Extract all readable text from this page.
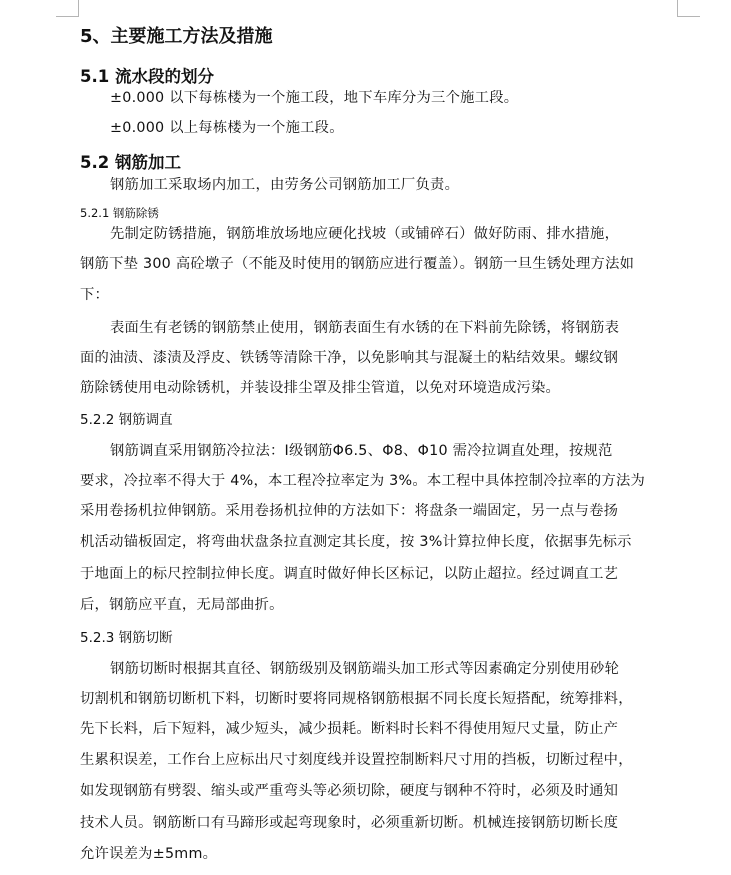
5、主要施工方法及措施
5.1 流水段的划分
±0.000 以下每栋楼为一个施工段，地下车库分为三个施工段。
±0.000 以上每栋楼为一个施工段。
5.2 钢筋加工
钢筋加工采取场内加工，由劳务公司钢筋加工厂负责。
5.2.1 钢筋除锈
先制定防锈措施，钢筋堆放场地应硬化找坡（或铺碎石）做好防雨、排水措施，
钢筋下垫 300 高砼墩子（不能及时使用的钢筋应进行覆盖）。钢筋一旦生锈处理方法如
下：
表面生有老锈的钢筋禁止使用，钢筋表面生有水锈的在下料前先除锈，将钢筋表
面的油渍、漆渍及浮皮、铁锈等清除干净，以免影响其与混凝土的粘结效果。螺纹钢
筋除锈使用电动除锈机，并装设排尘罩及排尘管道，以免对环境造成污染。
5.2.2 钢筋调直
钢筋调直采用钢筋冷拉法：Ⅰ级钢筋Φ6.5、Φ8、Φ10 需冷拉调直处理，按规范
要求，冷拉率不得大于 4%，本工程冷拉率定为 3%。本工程中具体控制冷拉率的方法为
采用卷扬机拉伸钢筋。采用卷扬机拉伸的方法如下：将盘条一端固定，另一点与卷扬
机活动锚板固定，将弯曲状盘条拉直测定其长度，按 3%计算拉伸长度，依据事先标示
于地面上的标尺控制拉伸长度。调直时做好伸长区标记，以防止超拉。经过调直工艺
后，钢筋应平直，无局部曲折。
5.2.3 钢筋切断
钢筋切断时根据其直径、钢筋级别及钢筋端头加工形式等因素确定分别使用砂轮
切割机和钢筋切断机下料，切断时要将同规格钢筋根据不同长度长短搭配，统筹排料，
先下长料，后下短料，减少短头，减少损耗。断料时长料不得使用短尺丈量，防止产
生累积误差，工作台上应标出尺寸刻度线并设置控制断料尺寸用的挡板，切断过程中，
如发现钢筋有劈裂、缩头或严重弯头等必须切除，硬度与钢种不符时，必须及时通知
技术人员。钢筋断口有马蹄形或起弯现象时，必须重新切断。机械连接钢筋切断长度
允许误差为±5mm。
